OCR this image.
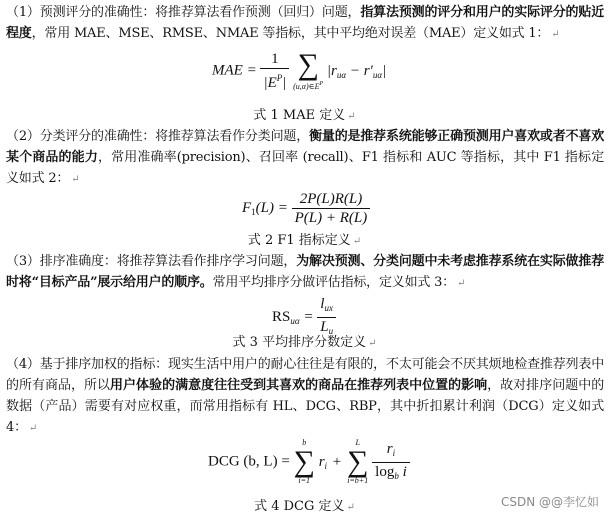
（1）预测评分的准确性：将推荐算法看作预测（回归）问题，指算法预测的评分和用户的实际评分的贴近程度，常用 MAE、MSE、RMSE、NMAE 等指标，其中平均绝对误差（MAE）定义如式 1： ↵
MAE = $\frac{1}{|E^P|}$
∑
$(u,\alpha)\in E^P$
$|r_{u\alpha} - r'_{u\alpha}|$
式 1 MAE 定义 ↵
（2）分类评分的准确性：将推荐算法看作分类问题，衡量的是推荐系统能够正确预测用户喜欢或者不喜欢某个商品的能力，常用准确率(precision)、召回率 (recall)、F1 指标和 AUC 等指标，其中 F1 指标定义如式 2： ↵
$F_1(L) = \frac{2P(L)R(L)}{P(L) + R(L)}$
式 2 F1 指标定义 ↵
（3）排序准确度：将推荐算法看作排序学习问题，为解决预测、分类问题中未考虑推荐系统在实际做推荐时将“目标产品”展示给用户的顺序。常用平均排序分做评估指标，定义如式 3： ↵
$RS_{u\alpha} = \frac{l_{ux}}{L_u}$
式 3 平均排序分数定义 ↵
（4）基于排序加权的指标：现实生活中用户的耐心往往是有限的，不太可能会不厌其烦地检查推荐列表中的所有商品，所以用户体验的满意度往往受到其喜欢的商品在推荐列表中位置的影响，故对排序问题中的数据（产品）需要有对应权重，而常用指标有 HL、DCG、RBP，其中折扣累计利润（DCG）定义如式 4： ↵
DCG (b, L) =
b
∑
i=1
$r_i$ +
L
∑
i=b+1
$\frac{r_i}{\log_b i}$
式 4 DCG 定义 ↵	CSDN @@李忆如
